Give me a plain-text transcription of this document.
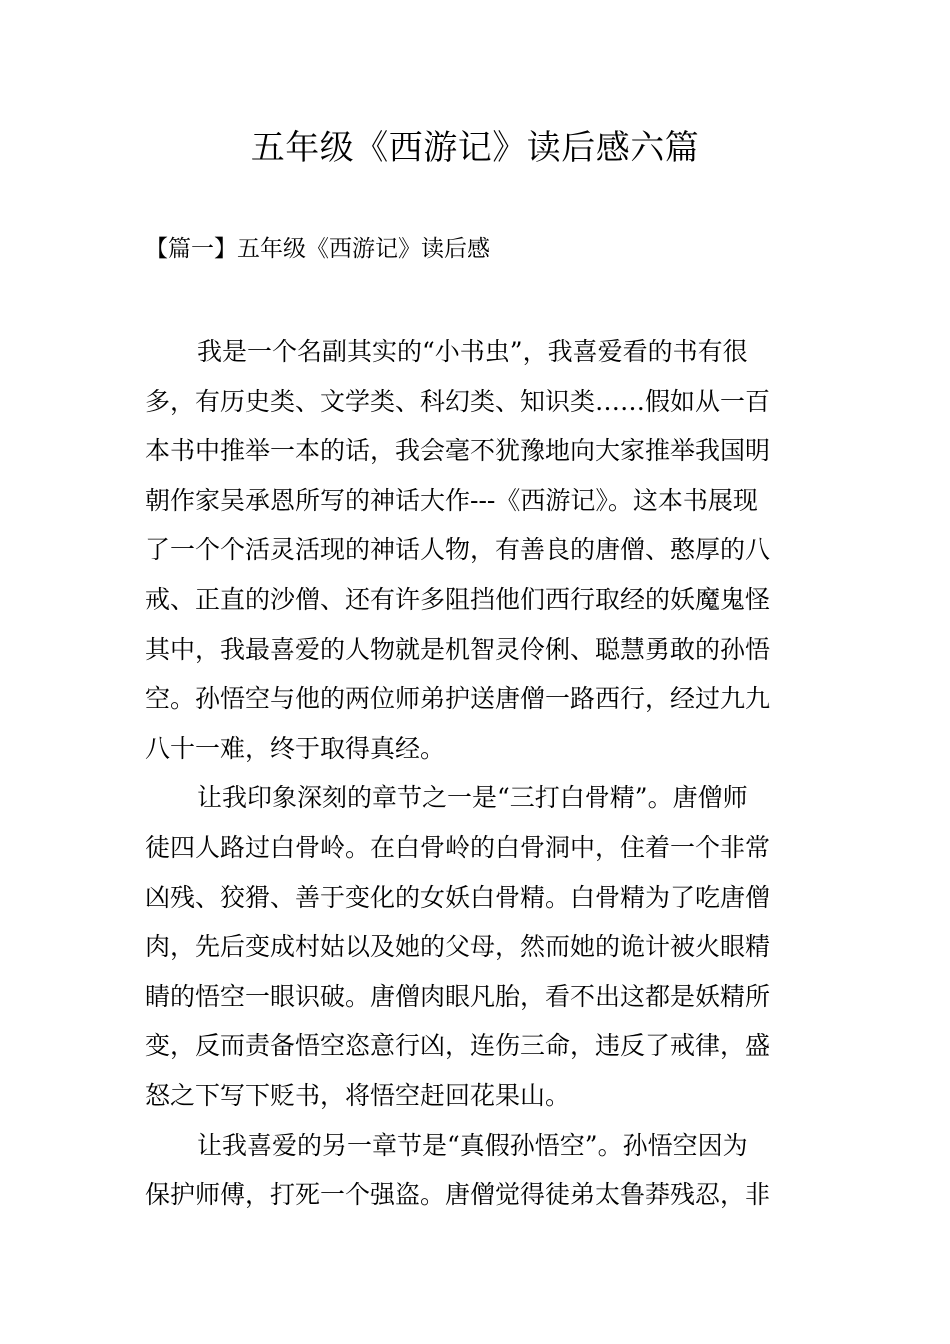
五年级《西游记》读后感六篇
【篇一】五年级《西游记》读后感
我是一个名副其实的“小书虫”，我喜爱看的书有很
多，有历史类、文学类、科幻类、知识类……假如从一百
本书中推举一本的话，我会毫不犹豫地向大家推举我国明
朝作家吴承恩所写的神话大作---《西游记》。这本书展现
了一个个活灵活现的神话人物，有善良的唐僧、憨厚的八
戒、正直的沙僧、还有许多阻挡他们西行取经的妖魔鬼怪
其中，我最喜爱的人物就是机智灵伶俐、聪慧勇敢的孙悟
空。孙悟空与他的两位师弟护送唐僧一路西行，经过九九
八十一难，终于取得真经。
让我印象深刻的章节之一是“三打白骨精”。唐僧师
徒四人路过白骨岭。在白骨岭的白骨洞中，住着一个非常
凶残、狡猾、善于变化的女妖白骨精。白骨精为了吃唐僧
肉，先后变成村姑以及她的父母，然而她的诡计被火眼精
睛的悟空一眼识破。唐僧肉眼凡胎，看不出这都是妖精所
变，反而责备悟空恣意行凶，连伤三命，违反了戒律，盛
怒之下写下贬书，将悟空赶回花果山。
让我喜爱的另一章节是“真假孙悟空”。孙悟空因为
保护师傅，打死一个强盗。唐僧觉得徒弟太鲁莽残忍，非
